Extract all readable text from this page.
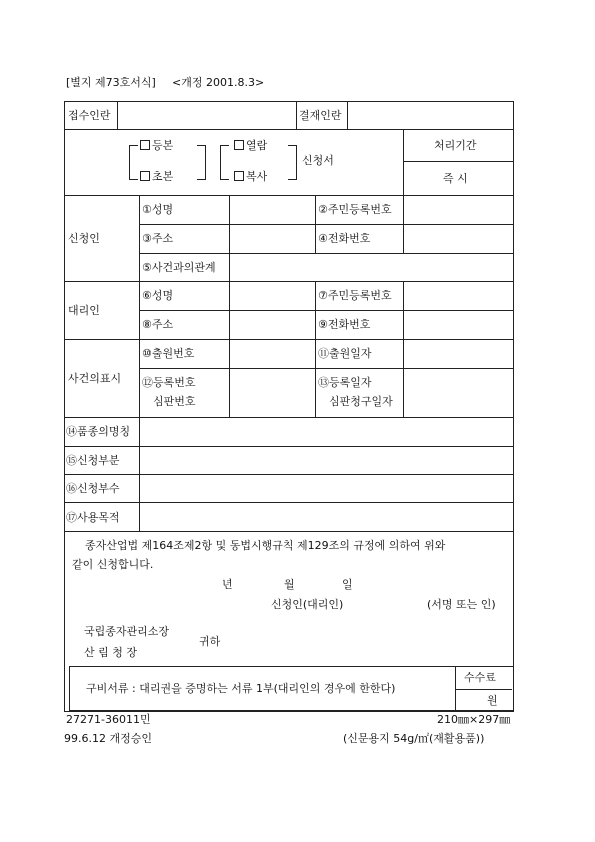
[별지 제73호서식] <개정 2001.8.3>
접수인란	결재인란
등본
초본
열람
복사
신청서
처리기간
즉 시
신청인
①성명	②주민등록번호
③주소	④전화번호
⑤사건과의관계
대리인
⑥성명	⑦주민등록번호
⑧주소	⑨전화번호
사건의표시
⑩출원번호	⑪출원일자
⑫등록번호
심판번호
⑬등록일자
심판청구일자
⑭품종의명칭
⑮신청부분
⑯신청부수
⑰사용목적
종자산업법 제164조제2항 및 동법시행규칙 제129조의 규정에 의하여 위와
같이 신청합니다.
년	월	일
신청인(대리인)	(서명 또는 인)
국립종자관리소장
귀하
산 림 청 장
구비서류 : 대리권을 증명하는 서류 1부(대리인의 경우에 한한다)
수수료
원
27271-36011민	210㎜×297㎜
99.6.12 개정승인	(신문용지 54g/㎡(재활용품))
